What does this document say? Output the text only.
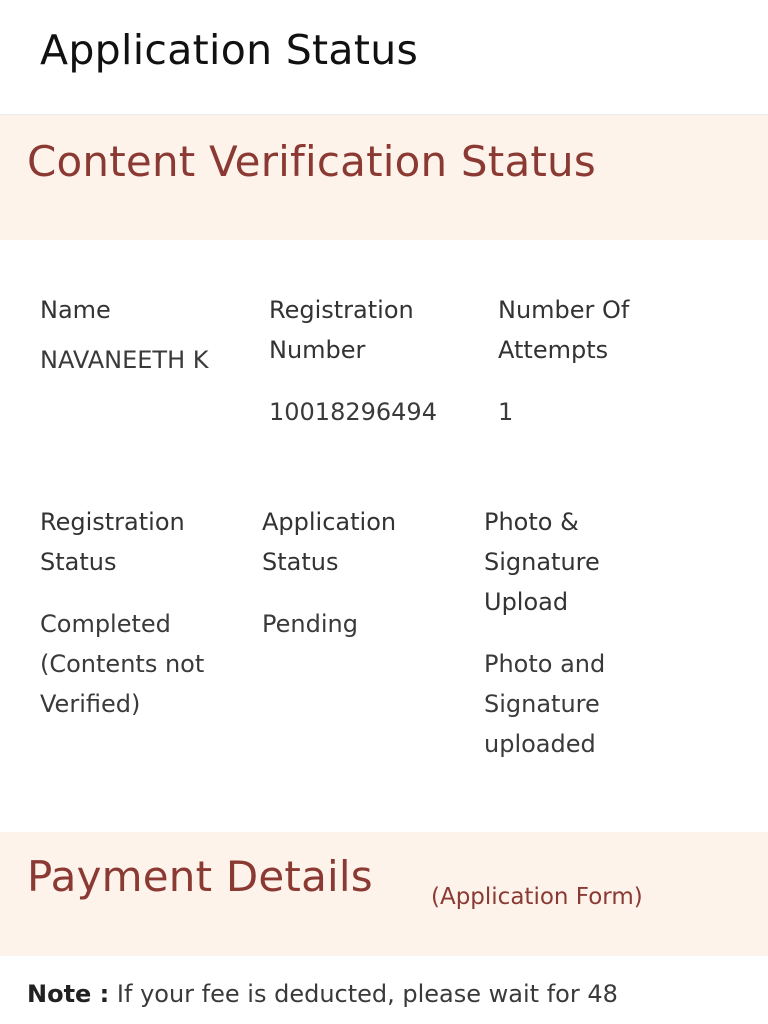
Application Status
Content Verification Status
Name
NAVANEETH K
Registration Number
10018296494
Number Of Attempts
1
Registration Status
Completed (Contents not Verified)
Application Status
Pending
Photo & Signature Upload
Photo and Signature uploaded
Payment Details	(Application Form)
Note : If your fee is deducted, please wait for 48
